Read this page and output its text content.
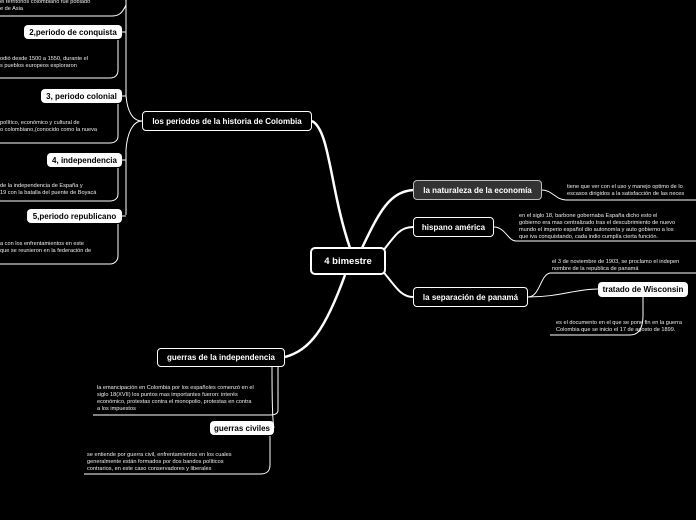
2,periodo de conquista
3, periodo colonial
4, independencia
5,periodo republicano
el territorios colombiano fue poblado
e de Asia
odió desde 1500 a 1550, durante el
s pueblos europeos exploraron
político, económico y cultural de
o colombiano,(conocido como la nueva
de la independencia de España y
19 con la batalla del puente de Boyacá
a con los enfrentamientos en este
que se reunieron en la federación de
los periodos de la historia de Colombia
4 bimestre
la naturaleza de la economía	tiene que ver con el uso y manejo optimo de lo
escasos dirigidos a la satisfacción de las neces
hispano américa
en el siglo 18, barbone gobernaba España dicho esto el
gobierno era mas centralizado tras el descubrimiento de nuevo
mundo el imperio español dio autonomía y auto gobierno a los
que iva conquistando, cada indio cumplía cierta función.
la separación de panamá
el 3 de noviembre de 1903, se proclamo el indepen
nombre de la republica de panamá
tratado de Wisconsin
es el documento en el que se pone fin en la guerra
Colombia que se inicio el 17 de agosto de 1899.
guerras de la independencia
la emancipación en Colombia por los españoles comenzó en el
siglo 18(XVII) los puntos mas importantes fueron: interés
económico, protestas contra el monopolio, protestas en contra
a los impuestos
guerras civiles
se entiende por guerra civil, enfrentamientos en los cuales
generalmente están formados por dos bandos políticos
contrarios, en este caso conservadores y liberales
